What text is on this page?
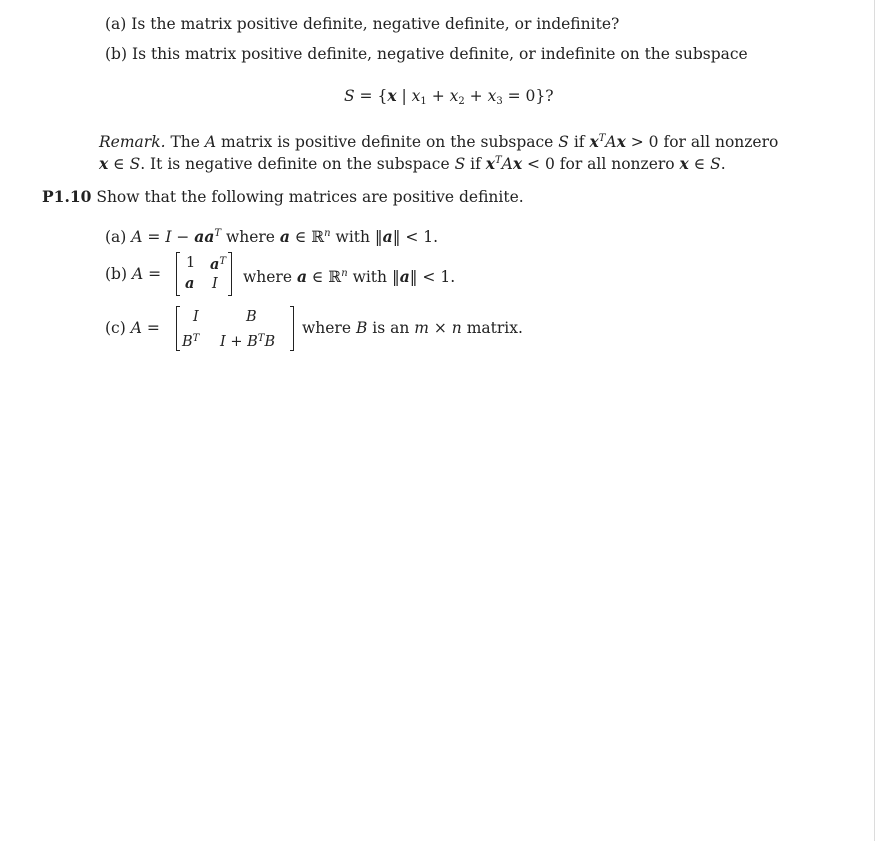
(a) Is the matrix positive definite, negative definite, or indefinite?
(b) Is this matrix positive definite, negative definite, or indefinite on the subspace
S = {x | $x_1 + x_2 + x_3 = 0$}?
Remark. The A matrix is positive definite on the subspace S if $x^TAx > 0$ for all nonzero
x ∈ S. It is negative definite on the subspace S if $x^TAx < 0$ for all nonzero x ∈ S.
P1.10 Show that the following matrices are positive definite.
(a) $A = I - aa^T$ where a ∈ ℝ$^n$ with ‖a‖ < 1.
(b) A =
1 $a^T$
a I where a ∈ ℝ$^n$ with ‖a‖ < 1.
(c) A =
I	B
$B^T$ $I + B^TB$
where B is an m × n matrix.
